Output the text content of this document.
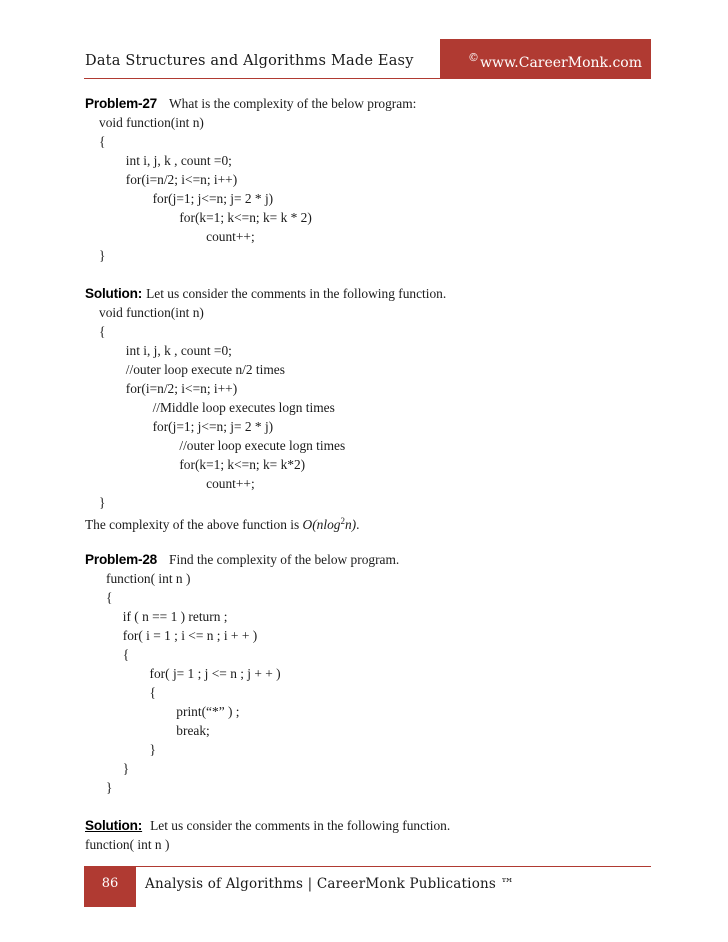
Data Structures and Algorithms Made Easy	©www.CareerMonk.com
Problem-27 What is the complexity of the below program:
void function(int n)
{
int i, j, k , count =0;
for(i=n/2; i<=n; i++)
for(j=1; j<=n; j= 2 * j)
for(k=1; k<=n; k= k * 2)
count++;
}
Solution: Let us consider the comments in the following function.
void function(int n)
{
int i, j, k , count =0;
//outer loop execute n/2 times
for(i=n/2; i<=n; i++)
//Middle loop executes logn times
for(j=1; j<=n; j= 2 * j)
//outer loop execute logn times
for(k=1; k<=n; k= k*2)
count++;
}
The complexity of the above function is O(nlog$^2$n).
Problem-28 Find the complexity of the below program.
function( int n )
{
if ( n == 1 ) return ;
for( i = 1 ; i <= n ; i + + )
{
for( j= 1 ; j <= n ; j + + )
{
print(“*” ) ;
break;
}
}
}
Solution: Let us consider the comments in the following function.
function( int n )
86	Analysis of Algorithms | CareerMonk Publications ™
